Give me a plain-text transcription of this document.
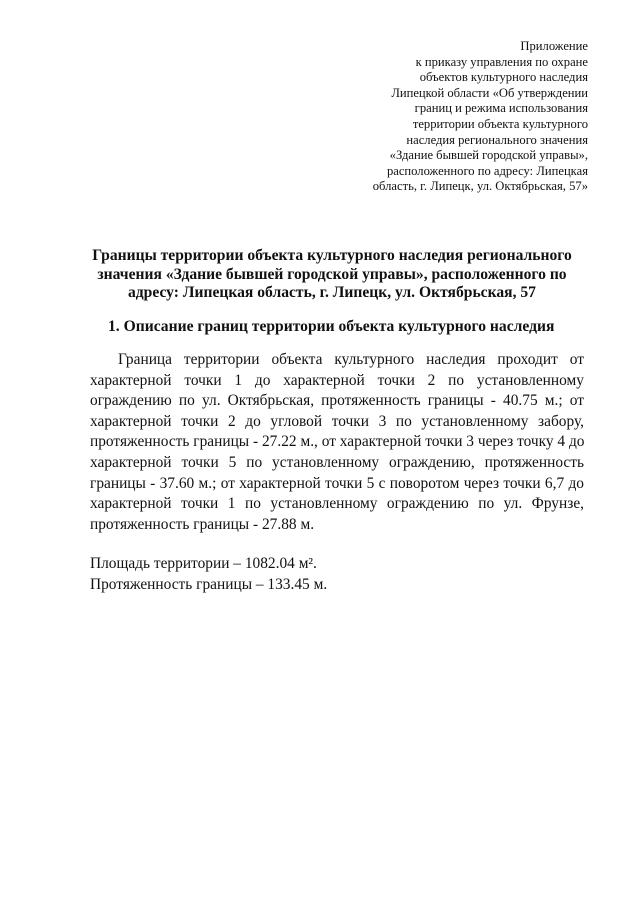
Приложение
к приказу управления по охране
объектов культурного наследия
Липецкой области «Об утверждении
границ и режима использования
территории объекта культурного
наследия регионального значения
«Здание бывшей городской управы»,
расположенного по адресу: Липецкая
область, г. Липецк, ул. Октябрьская, 57»
Границы территории объекта культурного наследия регионального
значения «Здание бывшей городской управы», расположенного по
адресу: Липецкая область, г. Липецк, ул. Октябрьская, 57
1. Описание границ территории объекта культурного наследия
Граница территории объекта культурного наследия проходит от
характерной точки 1 до характерной точки 2 по установленному
ограждению по ул. Октябрьская, протяженность границы - 40.75 м.; от
характерной точки 2 до угловой точки 3 по установленному забору,
протяженность границы - 27.22 м., от характерной точки 3 через точку 4 до
характерной точки 5 по установленному ограждению, протяженность
границы - 37.60 м.; от характерной точки 5 с поворотом через точки 6,7 до
характерной точки 1 по установленному ограждению по ул. Фрунзе,
протяженность границы - 27.88 м.
Площадь территории – 1082.04 м².
Протяженность границы – 133.45 м.
